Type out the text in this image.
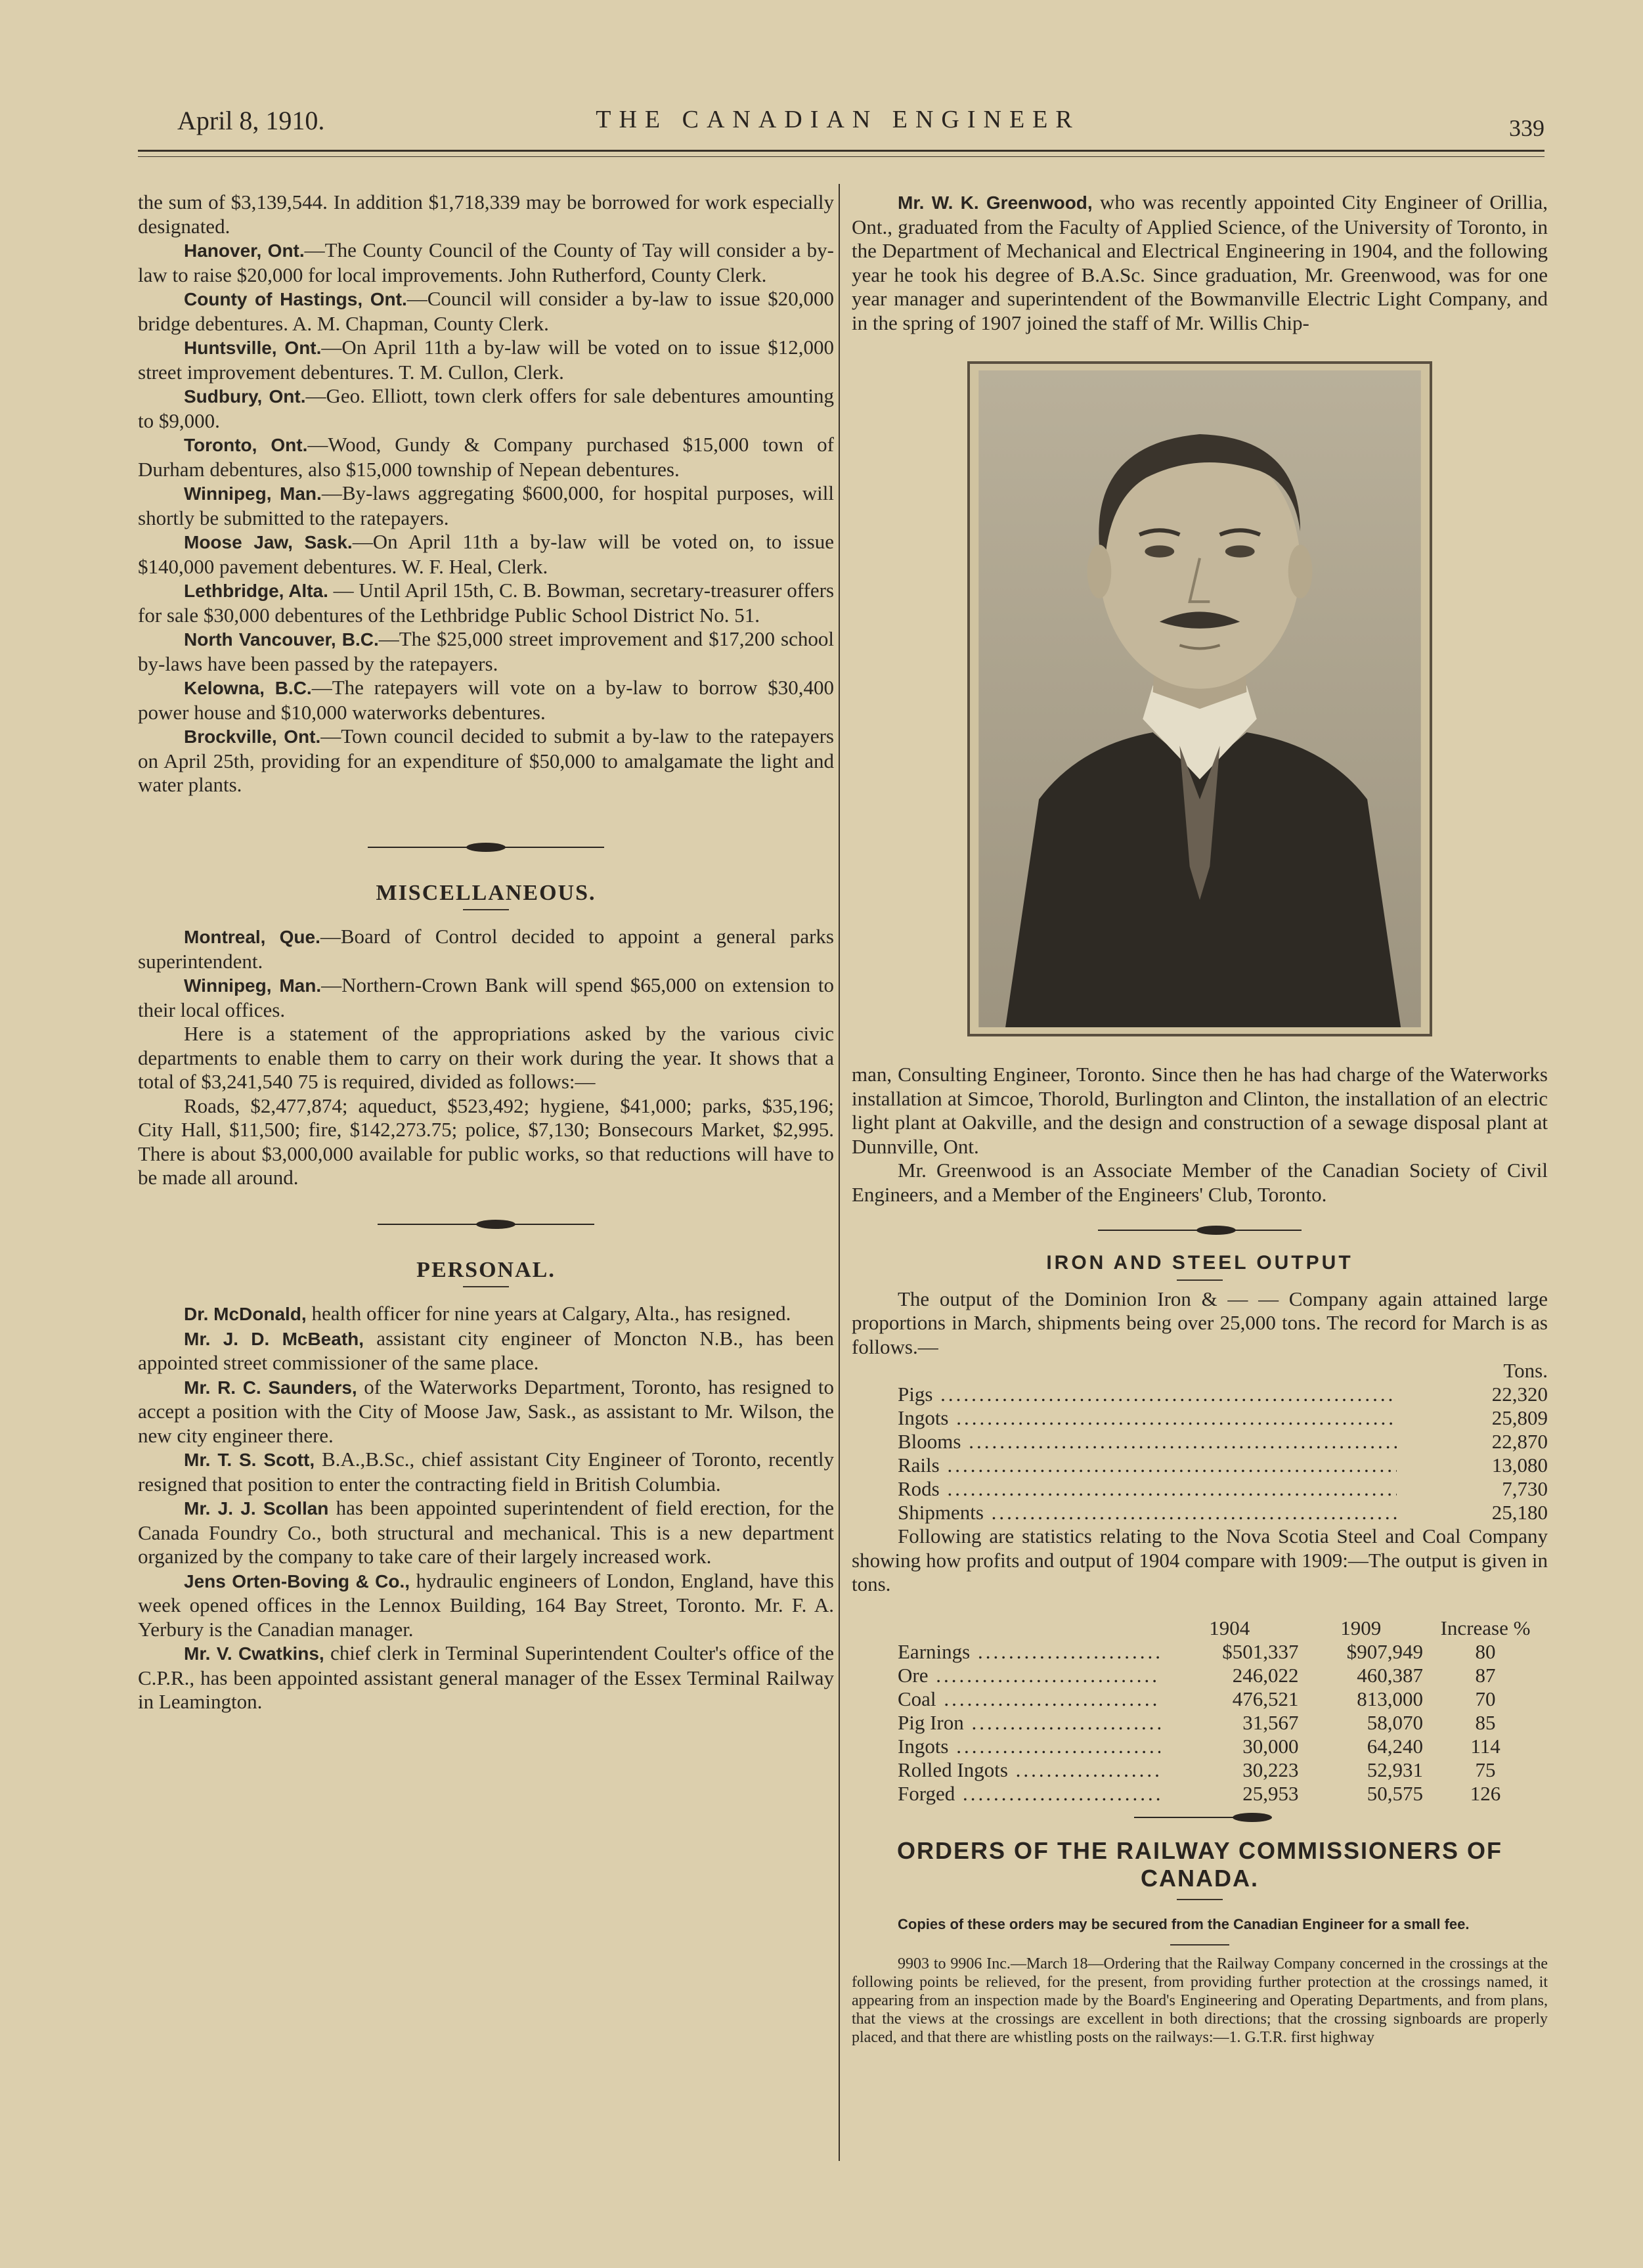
April 8, 1910.	THE CANADIAN ENGINEER	339

the sum of $3,139,544. In addition $1,718,339 may be borrowed for work especially designated.

Hanover, Ont.—The County Council of the County of Tay will consider a by-law to raise $20,000 for local improvements. John Rutherford, County Clerk.

County of Hastings, Ont.—Council will consider a by-law to issue $20,000 bridge debentures. A. M. Chapman, County Clerk.

Huntsville, Ont.—On April 11th a by-law will be voted on to issue $12,000 street improvement debentures. T. M. Cullon, Clerk.

Sudbury, Ont.—Geo. Elliott, town clerk offers for sale debentures amounting to $9,000.

Toronto, Ont.—Wood, Gundy & Company purchased $15,000 town of Durham debentures, also $15,000 township of Nepean debentures.

Winnipeg, Man.—By-laws aggregating $600,000, for hospital purposes, will shortly be submitted to the ratepayers.

Moose Jaw, Sask.—On April 11th a by-law will be voted on, to issue $140,000 pavement debentures. W. F. Heal, Clerk.

Lethbridge, Alta. — Until April 15th, C. B. Bowman, secretary-treasurer offers for sale $30,000 debentures of the Lethbridge Public School District No. 51.

North Vancouver, B.C.—The $25,000 street improvement and $17,200 school by-laws have been passed by the ratepayers.

Kelowna, B.C.—The ratepayers will vote on a by-law to borrow $30,400 power house and $10,000 waterworks debentures.

Brockville, Ont.—Town council decided to submit a by-law to the ratepayers on April 25th, providing for an expenditure of $50,000 to amalgamate the light and water plants.

MISCELLANEOUS.

Montreal, Que.—Board of Control decided to appoint a general parks superintendent.

Winnipeg, Man.—Northern-Crown Bank will spend $65,000 on extension to their local offices.

Here is a statement of the appropriations asked by the various civic departments to enable them to carry on their work during the year. It shows that a total of $3,241,540 75 is required, divided as follows:—

Roads, $2,477,874; aqueduct, $523,492; hygiene, $41,000; parks, $35,196; City Hall, $11,500; fire, $142,273.75; police, $7,130; Bonsecours Market, $2,995. There is about $3,000,000 available for public works, so that reductions will have to be made all around.

PERSONAL.

Dr. McDonald, health officer for nine years at Calgary, Alta., has resigned.

Mr. J. D. McBeath, assistant city engineer of Moncton N.B., has been appointed street commissioner of the same place.

Mr. R. C. Saunders, of the Waterworks Department, Toronto, has resigned to accept a position with the City of Moose Jaw, Sask., as assistant to Mr. Wilson, the new city engineer there.

Mr. T. S. Scott, B.A.,B.Sc., chief assistant City Engineer of Toronto, recently resigned that position to enter the contracting field in British Columbia.

Mr. J. J. Scollan has been appointed superintendent of field erection, for the Canada Foundry Co., both structural and mechanical. This is a new department organized by the company to take care of their largely increased work.

Jens Orten-Boving & Co., hydraulic engineers of London, England, have this week opened offices in the Lennox Building, 164 Bay Street, Toronto. Mr. F. A. Yerbury is the Canadian manager.

Mr. V. Cwatkins, chief clerk in Terminal Superintendent Coulter's office of the C.P.R., has been appointed assistant general manager of the Essex Terminal Railway in Leamington.

Mr. W. K. Greenwood, who was recently appointed City Engineer of Orillia, Ont., graduated from the Faculty of Applied Science, of the University of Toronto, in the Department of Mechanical and Electrical Engineering in 1904, and the following year he took his degree of B.A.Sc. Since graduation, Mr. Greenwood, was for one year manager and superintendent of the Bowmanville Electric Light Company, and in the spring of 1907 joined the staff of Mr. Willis Chip-

man, Consulting Engineer, Toronto. Since then he has had charge of the Waterworks installation at Simcoe, Thorold, Burlington and Clinton, the installation of an electric light plant at Oakville, and the design and construction of a sewage disposal plant at Dunnville, Ont.

Mr. Greenwood is an Associate Member of the Canadian Society of Civil Engineers, and a Member of the Engineers' Club, Toronto.

IRON AND STEEL OUTPUT

The output of the Dominion Iron & — — Company again attained large proportions in March, shipments being over 25,000 tons. The record for March is as follows.—

	Tons.
Pigs .....	22,320
Ingots .....	25,809
Blooms .....	22,870
Rails .....	13,080
Rods .....	7,730
Shipments .....	25,180

Following are statistics relating to the Nova Scotia Steel and Coal Company showing how profits and output of 1904 compare with 1909:—The output is given in tons.

	1904	1909	Increase %
Earnings .....	$501,337	$907,949	80
Ore .....	246,022	460,387	87
Coal .....	476,521	813,000	70
Pig Iron .....	31,567	58,070	85
Ingots .....	30,000	64,240	114
Rolled Ingots .....	30,223	52,931	75
Forged .....	25,953	50,575	126
ORDERS OF THE RAILWAY COMMISSIONERS OF CANADA.

Copies of these orders may be secured from the Canadian Engineer for a small fee.

9903 to 9906 Inc.—March 18—Ordering that the Railway Company concerned in the crossings at the following points be relieved, for the present, from providing further protection at the crossings named, it appearing from an inspection made by the Board's Engineering and Operating Departments, and from plans, that the views at the crossings are excellent in both directions; that the crossing signboards are properly placed, and that there are whistling posts on the railways:—1. G.T.R. first highway
